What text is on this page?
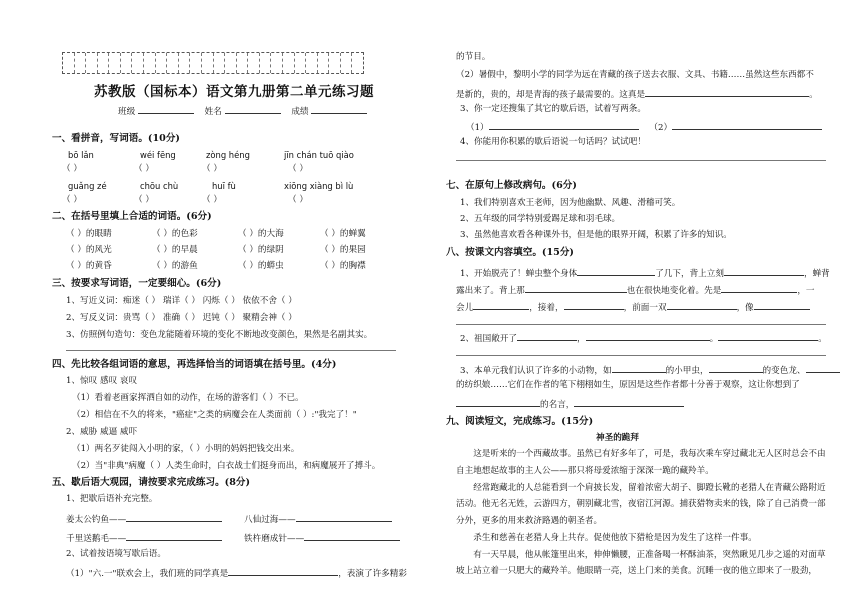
苏教版（国标本）语文第九册第二单元练习题
班级	姓名	成绩
一、看拼音，写词语。(10分)
bō lǎn	wéi fēng	zòng héng	jīn chán tuō qiào
（ ）	（ ）	（ ）	（ ）
guǎng zé	chōu chù	huī fù	xiōng xiàng bì lù
（ ）	（ ）	（ ）	（ ）
二、在括号里填上合适的词语。(6分)
（ ）的眼睛	（ ）的色彩	（ ）的大海	（ ）的蝉翼
（ ）的风光	（ ）的早晨	（ ）的绿阴	（ ）的果园
（ ）的黄昏	（ ）的游鱼	（ ）的蟒虫	（ ）的胸襟
三、按要求写词语，一定要细心。(6分)
1、写近义词：痴迷（ ） 瑞详（ ） 闪烁（ ） 依依不舍（ ）
2、写反义词：贵骂（ ） 准确（ ） 迟钝（ ） 聚精会神（ ）
3、仿照例句造句：变色龙能随着环境的变化不断地改变颜色，果然是名副其实。
四、先比较各组词语的意思，再选择恰当的词语填在括号里。(4分)
1、惊叹 感叹 哀叹
（1）看着老画家挥洒自如的动作，在场的游客们（ ）不已。
（2）相信在不久的将来，"癌症"之类的病魔会在人类面前（ ）:"我完了！"
2、威胁 威逼 威吓
（1）两名歹徒闯入小明的家，（ ）小明的妈妈把钱交出来。
（2）当"非典"病魔（ ）人类生命时，白衣战士们挺身而出，和病魔展开了搏斗。
五、歇后语大观园，请按要求完成练习。(8分)
1、把歇后语补充完整。
姜太公钓鱼——	八仙过海——
千里送鹅毛——	铁杵磨成针——
2、试着按语境写歇后语。
（1）"六.一"联欢会上，我们班的同学真是	，表演了许多精彩
的节目。
（2）暑假中，黎明小学的同学为远在青藏的孩子送去衣服、文具、书籍……虽然这些东西都不
是新的，贵的，却是青海的孩子最需要的。这真是	。
3、你一定还搜集了其它的歇后语，试着写两条。
（1）	（2）
4、你能用你积累的歇后语说一句话吗？试试吧！
七、在原句上修改病句。(6分)
1、我们特别喜欢王老师，因为他幽默、风趣、滑稽可笑。
2、五年级的同学特别爱踢足球和羽毛球。
3、虽然他喜欢看各种课外书，但是他的眼界开阔，积累了许多的知识。
八、按课文内容填空。(15分)
1、开始脱壳了！蝉虫整个身体	了几下，背上立刻	，蝉背
露出来了。背上那	也在很快地变化着。先是	，一
会儿	，接着，	，前面一双	，像
2、祖国敞开了	，	。	。
3、本单元我们认识了许多的小动物，如	的小甲虫，	的变色龙、
的纺织娘……它们在作者的笔下栩栩如生，原因是这些作者都十分善于观察，这让你想到了
的名言，
九、阅读短文，完成练习。(15分)
神圣的跪拜
这是听来的一个西藏故事。虽然已有好多年了，可是，我每次乘车穿过藏北无人区时总会不由自主地想起故事的主人公——那只将母爱浓缩于深深一跪的藏羚羊。
经常跑藏北的人总能看到一个肩披长发，留着浓密大胡子、脚蹬长靴的老猎人在青藏公路附近活动。他无名无姓，云游四方，朝别藏北雪，夜宿江河源。捕获猎物卖来的钱，除了自己消费一部分外，更多的用来救济路遇的朝圣者。
杀生和慈善在老猎人身上共存。促使他放下猎枪是因为发生了这样一件事。
有一天早晨，他从帐篷里出来，伸伸懒腰，正准备喝一杯酥油茶，突然瞅见几步之遥的对面草坡上站立着一只肥大的藏羚羊。他眼睛一亮，送上门来的美食。沉睡一夜的他立即来了一股劲，
